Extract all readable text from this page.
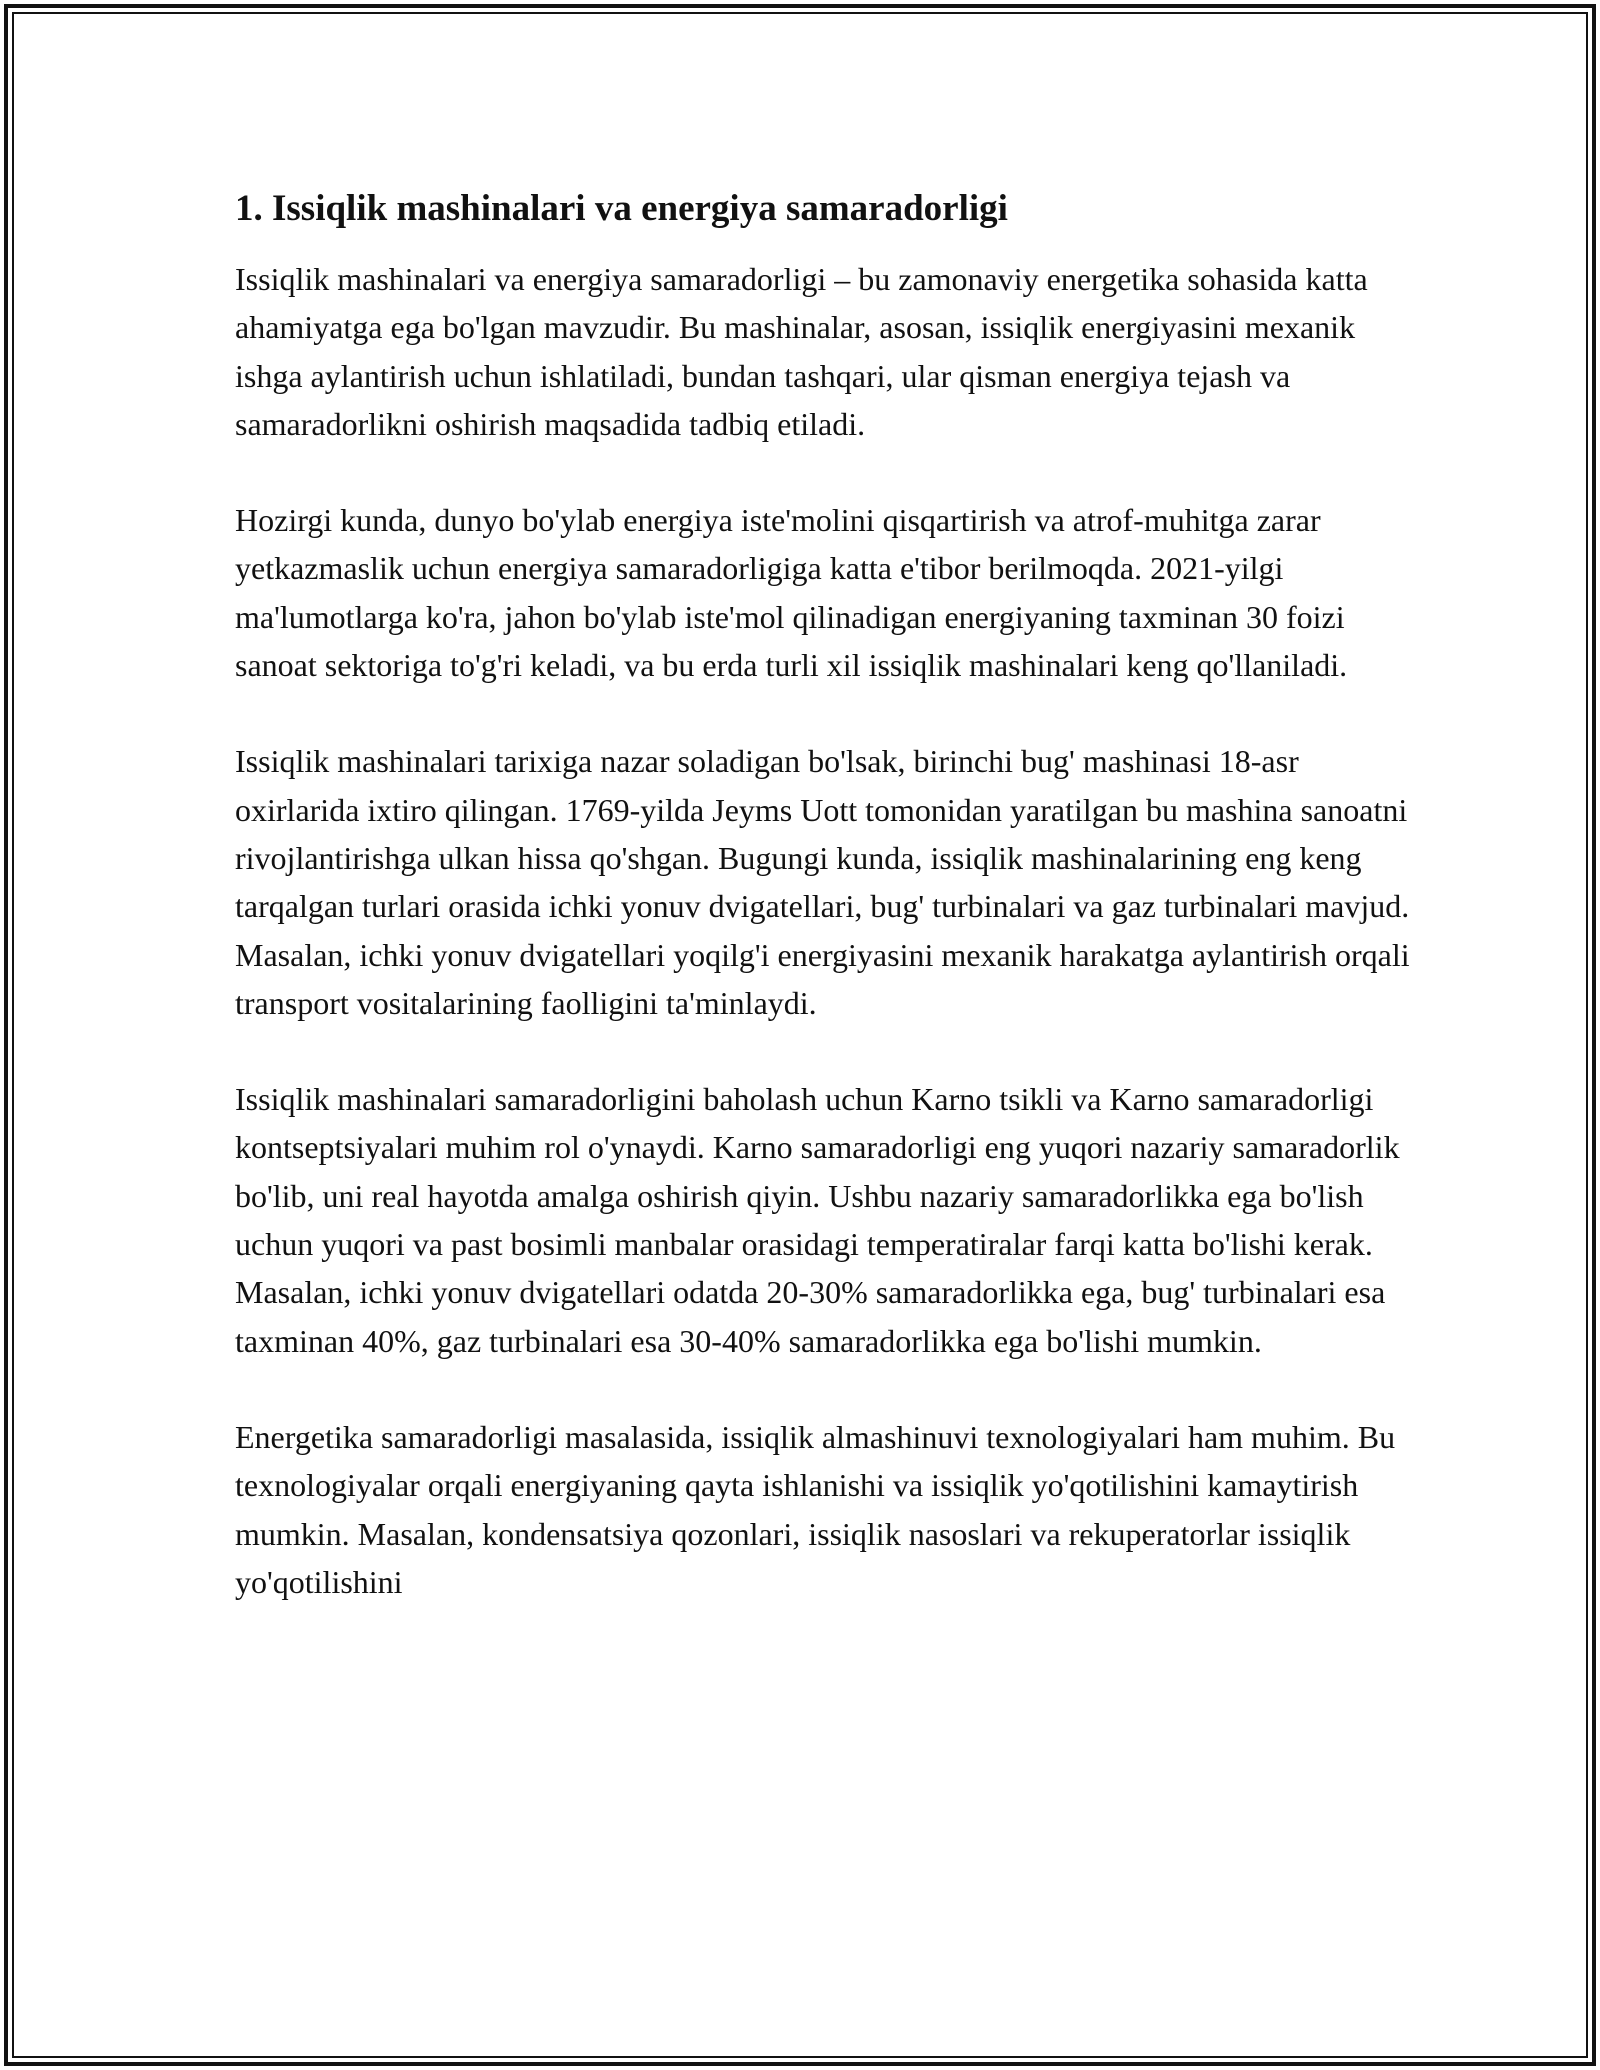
1. Issiqlik mashinalari va energiya samaradorligi

Issiqlik mashinalari va energiya samaradorligi – bu zamonaviy energetika sohasida katta ahamiyatga ega bo'lgan mavzudir. Bu mashinalar, asosan, issiqlik energiyasini mexanik ishga aylantirish uchun ishlatiladi, bundan tashqari, ular qisman energiya tejash va samaradorlikni oshirish maqsadida tadbiq etiladi.

Hozirgi kunda, dunyo bo'ylab energiya iste'molini qisqartirish va atrof-muhitga zarar yetkazmaslik uchun energiya samaradorligiga katta e'tibor berilmoqda. 2021-yilgi ma'lumotlarga ko'ra, jahon bo'ylab iste'mol qilinadigan energiyaning taxminan 30 foizi sanoat sektoriga to'g'ri keladi, va bu erda turli xil issiqlik mashinalari keng qo'llaniladi.

Issiqlik mashinalari tarixiga nazar soladigan bo'lsak, birinchi bug' mashinasi 18-asr oxirlarida ixtiro qilingan. 1769-yilda Jeyms Uott tomonidan yaratilgan bu mashina sanoatni rivojlantirishga ulkan hissa qo'shgan. Bugungi kunda, issiqlik mashinalarining eng keng tarqalgan turlari orasida ichki yonuv dvigatellari, bug' turbinalari va gaz turbinalari mavjud. Masalan, ichki yonuv dvigatellari yoqilg'i energiyasini mexanik harakatga aylantirish orqali transport vositalarining faolligini ta'minlaydi.

Issiqlik mashinalari samaradorligini baholash uchun Karno tsikli va Karno samaradorligi kontseptsiyalari muhim rol o'ynaydi. Karno samaradorligi eng yuqori nazariy samaradorlik bo'lib, uni real hayotda amalga oshirish qiyin. Ushbu nazariy samaradorlikka ega bo'lish uchun yuqori va past bosimli manbalar orasidagi temperatiralar farqi katta bo'lishi kerak. Masalan, ichki yonuv dvigatellari odatda 20-30% samaradorlikka ega, bug' turbinalari esa taxminan 40%, gaz turbinalari esa 30-40% samaradorlikka ega bo'lishi mumkin.

Energetika samaradorligi masalasida, issiqlik almashinuvi texnologiyalari ham muhim. Bu texnologiyalar orqali energiyaning qayta ishlanishi va issiqlik yo'qotilishini kamaytirish mumkin. Masalan, kondensatsiya qozonlari, issiqlik nasoslari va rekuperatorlar issiqlik yo'qotilishini
